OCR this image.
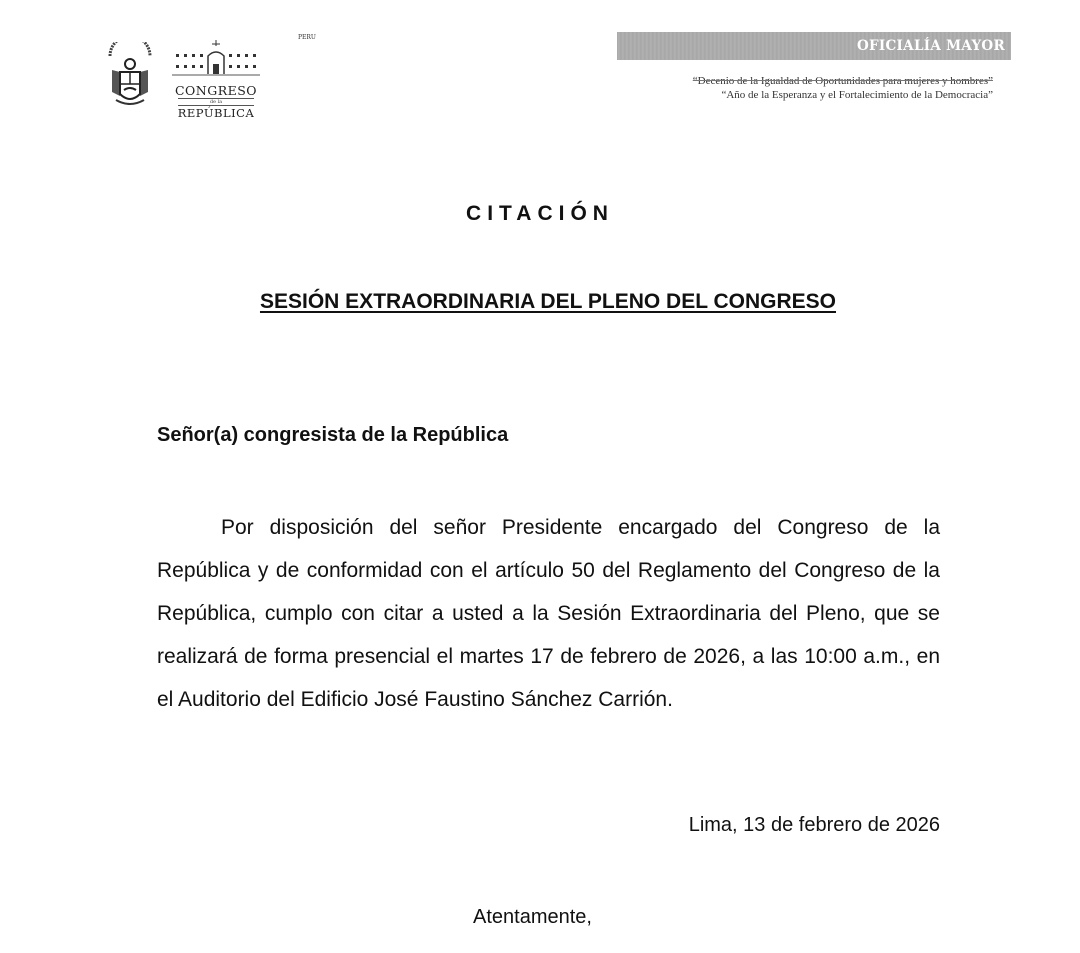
PERU
CONGRESO
de la
REPÚBLICA
OFICIALÍA MAYOR
“Decenio de la Igualdad de Oportunidades para mujeres y hombres”
“Año de la Esperanza y el Fortalecimiento de la Democracia”
CITACIÓN
SESIÓN EXTRAORDINARIA DEL PLENO DEL CONGRESO
Señor(a) congresista de la República
Por disposición del señor Presidente encargado del Congreso de la República y de conformidad con el artículo 50 del Reglamento del Congreso de la República, cumplo con citar a usted a la Sesión Extraordinaria del Pleno, que se realizará de forma presencial el martes 17 de febrero de 2026, a las 10:00 a.m., en el Auditorio del Edificio José Faustino Sánchez Carrión.
Lima, 13 de febrero de 2026
Atentamente,
